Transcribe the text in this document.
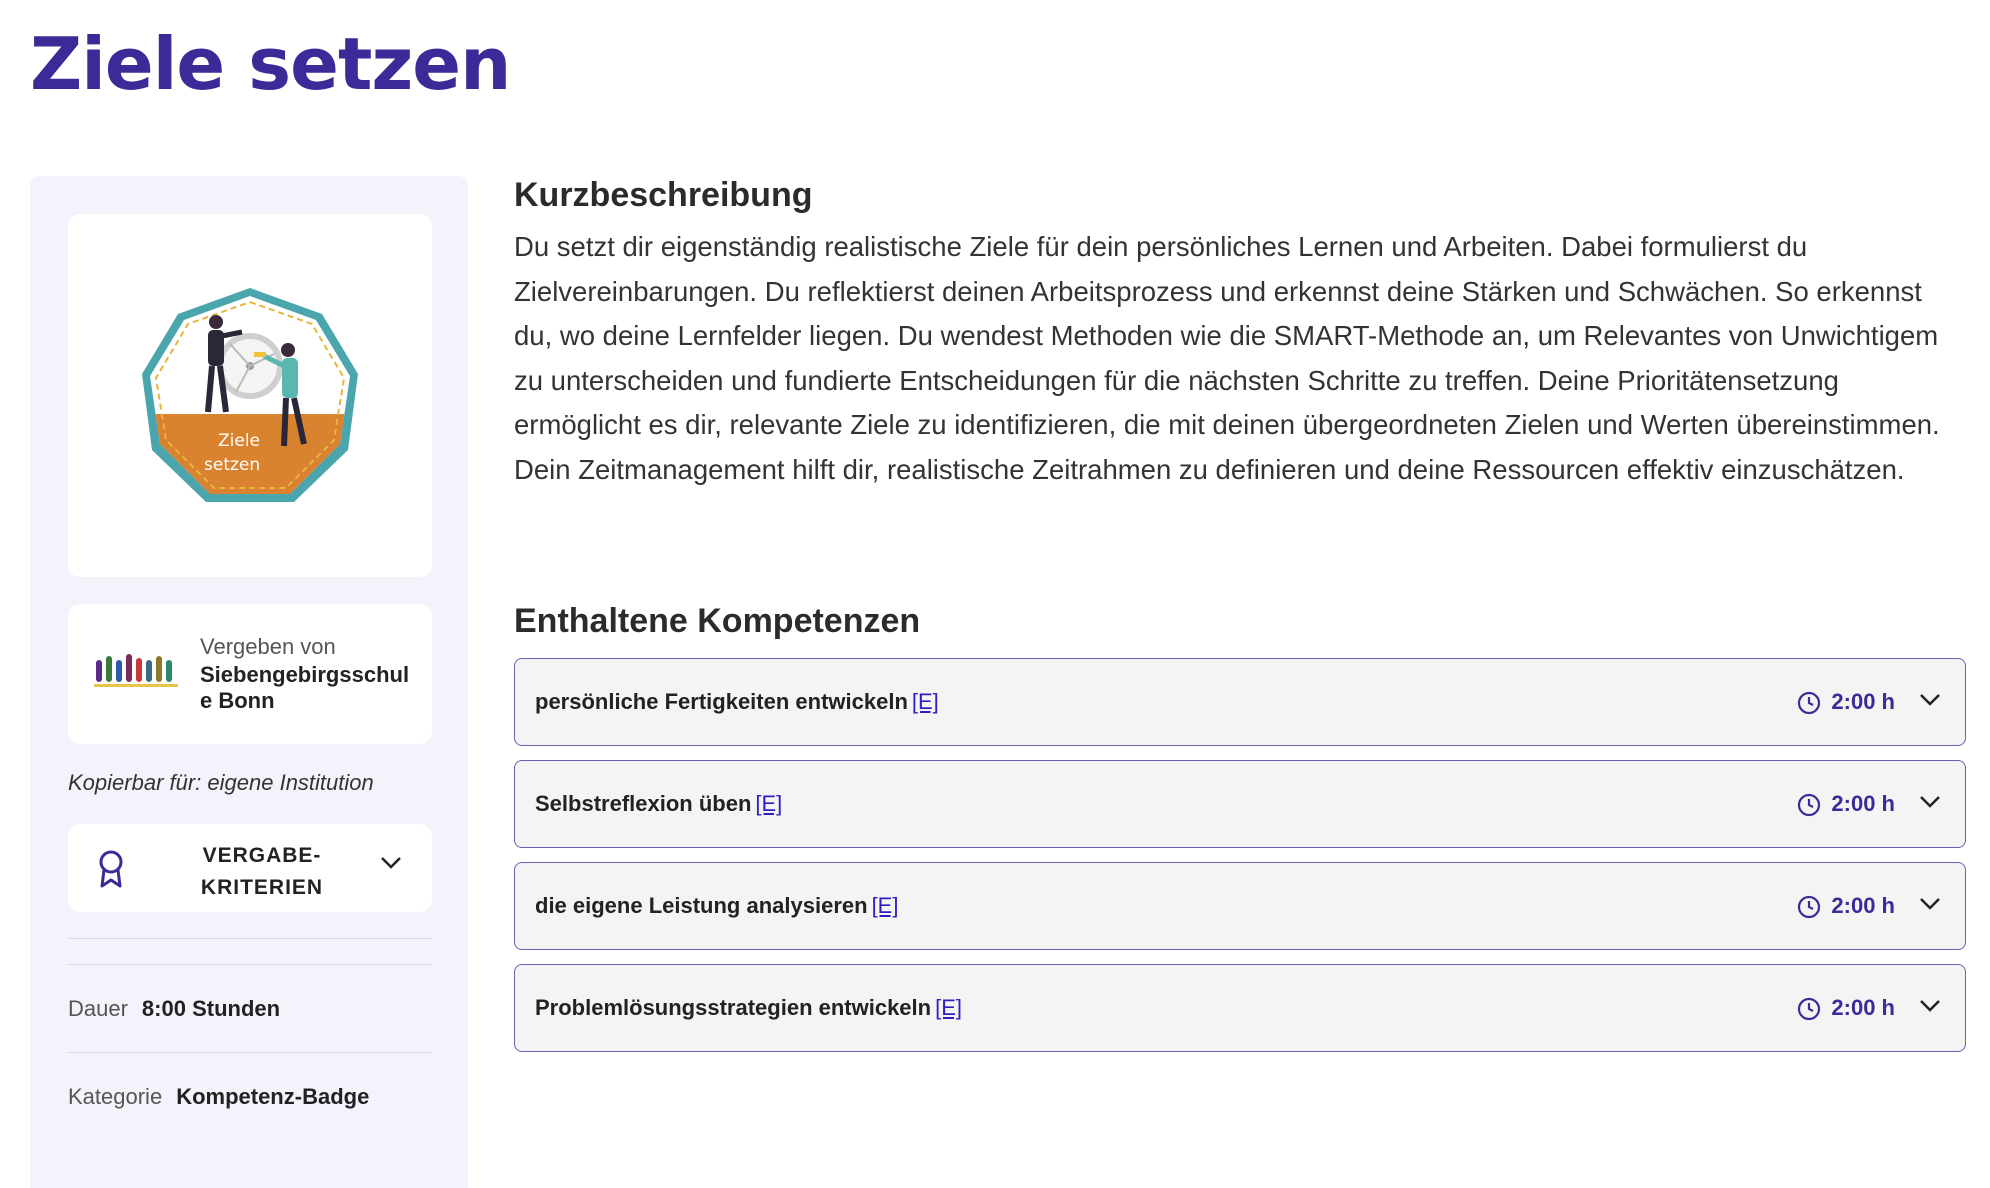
Ziele setzen
Ziele
setzen
Vergeben von
Siebengebirgsschule Bonn
Kopierbar für: eigene Institution
VERGABE-KRITERIEN
Dauer 8:00 Stunden
Kategorie Kompetenz-Badge
Kurzbeschreibung

Du setzt dir eigenständig realistische Ziele für dein persönliches Lernen und Arbeiten. Dabei formulierst du Zielvereinbarungen. Du reflektierst deinen Arbeitsprozess und erkennst deine Stärken und Schwächen. So erkennst du, wo deine Lernfelder liegen. Du wendest Methoden wie die SMART-Methode an, um Relevantes von Unwichtigem zu unterscheiden und fundierte Entscheidungen für die nächsten Schritte zu treffen. Deine Prioritätensetzung ermöglicht es dir, relevante Ziele zu identifizieren, die mit deinen übergeordneten Zielen und Werten übereinstimmen. Dein Zeitmanagement hilft dir, realistische Zeitrahmen zu definieren und deine Ressourcen effektiv einzuschätzen.

Enthaltene Kompetenzen
persönliche Fertigkeiten entwickeln [E]	2:00 h
Selbstreflexion üben [E]	2:00 h
die eigene Leistung analysieren [E]	2:00 h
Problemlösungsstrategien entwickeln [E]	2:00 h
